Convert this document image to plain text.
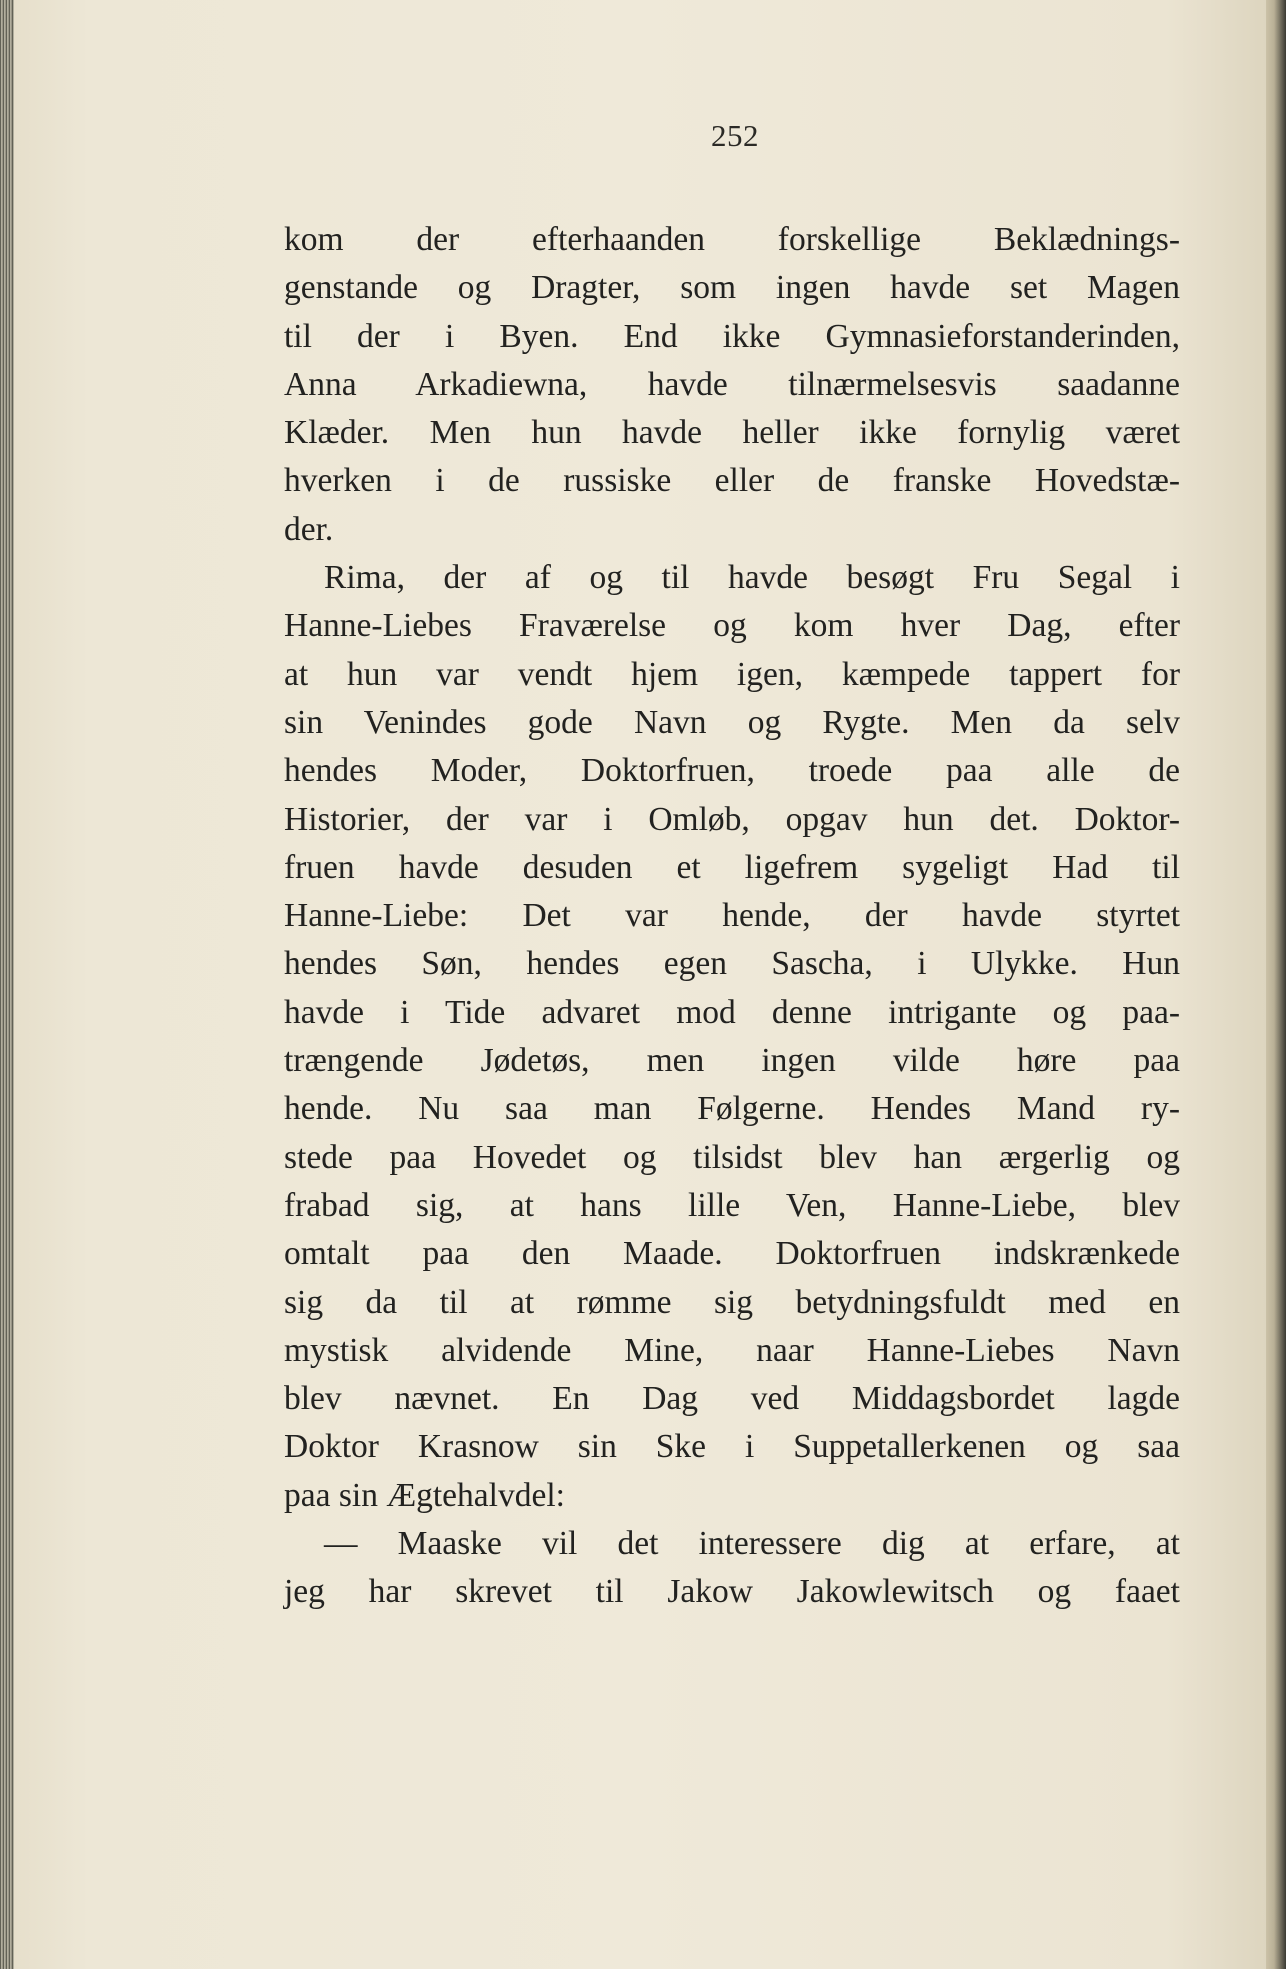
252
kom der efterhaanden forskellige Beklædnings-
genstande og Dragter, som ingen havde set Magen
til der i Byen. End ikke Gymnasieforstanderinden,
Anna Arkadiewna, havde tilnærmelsesvis saadanne
Klæder. Men hun havde heller ikke fornylig været
hverken i de russiske eller de franske Hovedstæ-
der.
Rima, der af og til havde besøgt Fru Segal i
Hanne-Liebes Fraværelse og kom hver Dag, efter
at hun var vendt hjem igen, kæmpede tappert for
sin Venindes gode Navn og Rygte. Men da selv
hendes Moder, Doktorfruen, troede paa alle de
Historier, der var i Omløb, opgav hun det. Doktor-
fruen havde desuden et ligefrem sygeligt Had til
Hanne-Liebe: Det var hende, der havde styrtet
hendes Søn, hendes egen Sascha, i Ulykke. Hun
havde i Tide advaret mod denne intrigante og paa-
trængende Jødetøs, men ingen vilde høre paa
hende. Nu saa man Følgerne. Hendes Mand ry-
stede paa Hovedet og tilsidst blev han ærgerlig og
frabad sig, at hans lille Ven, Hanne-Liebe, blev
omtalt paa den Maade. Doktorfruen indskrænkede
sig da til at rømme sig betydningsfuldt med en
mystisk alvidende Mine, naar Hanne-Liebes Navn
blev nævnet. En Dag ved Middagsbordet lagde
Doktor Krasnow sin Ske i Suppetallerkenen og saa
paa sin Ægtehalvdel:
— Maaske vil det interessere dig at erfare, at
jeg har skrevet til Jakow Jakowlewitsch og faaet
